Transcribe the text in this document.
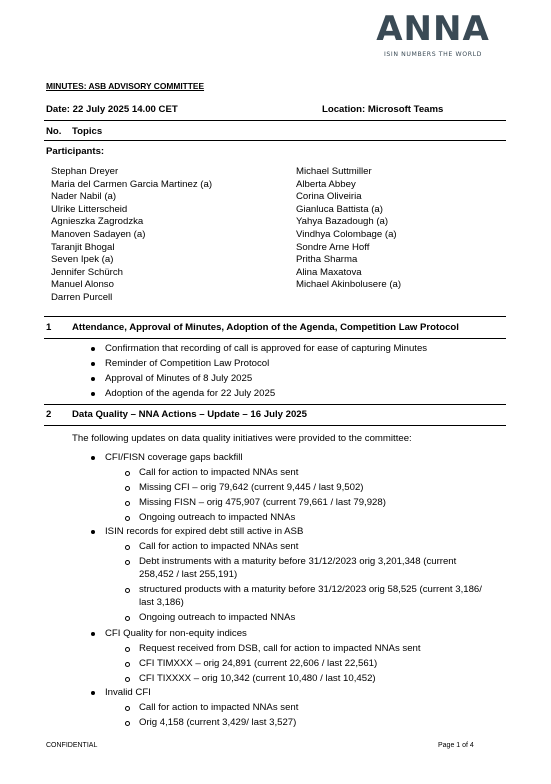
ANNA
ISIN NUMBERS THE WORLD
MINUTES: ASB ADVISORY COMMITTEE
Date: 22 July 2025 14.00 CET	Location: Microsoft Teams
No. Topics
Participants:
Stephan Dreyer
Maria del Carmen Garcia Martinez (a)
Nader Nabil (a)
Ulrike Litterscheid
Agnieszka Zagrodzka
Manoven Sadayen (a)
Taranjit Bhogal
Seven Ipek (a)
Jennifer Schürch
Manuel Alonso
Darren Purcell
Michael Suttmiller
Alberta Abbey
Corina Oliveiria
Gianluca Battista (a)
Yahya Bazadough (a)
Vindhya Colombage (a)
Sondre Arne Hoff
Pritha Sharma
Alina Maxatova
Michael Akinbolusere (a)
1 Attendance, Approval of Minutes, Adoption of the Agenda, Competition Law Protocol
Confirmation that recording of call is approved for ease of capturing Minutes
Reminder of Competition Law Protocol
Approval of Minutes of 8 July 2025
Adoption of the agenda for 22 July 2025
2 Data Quality – NNA Actions – Update – 16 July 2025
The following updates on data quality initiatives were provided to the committee:
CFI/FISN coverage gaps backfill
Call for action to impacted NNAs sent
Missing CFI – orig 79,642 (current 9,445 / last 9,502)
Missing FISN – orig 475,907 (current 79,661 / last 79,928)
Ongoing outreach to impacted NNAs
ISIN records for expired debt still active in ASB
Call for action to impacted NNAs sent
Debt instruments with a maturity before 31/12/2023 orig 3,201,348 (current
258,452 / last 255,191)
structured products with a maturity before 31/12/2023 orig 58,525 (current 3,186/
last 3,186)
Ongoing outreach to impacted NNAs
CFI Quality for non-equity indices
Request received from DSB, call for action to impacted NNAs sent
CFI TIMXXX – orig 24,891 (current 22,606 / last 22,561)
CFI TIXXXX – orig 10,342 (current 10,480 / last 10,452)
Invalid CFI
Call for action to impacted NNAs sent
Orig 4,158 (current 3,429/ last 3,527)
CONFIDENTIAL	Page 1 of 4
